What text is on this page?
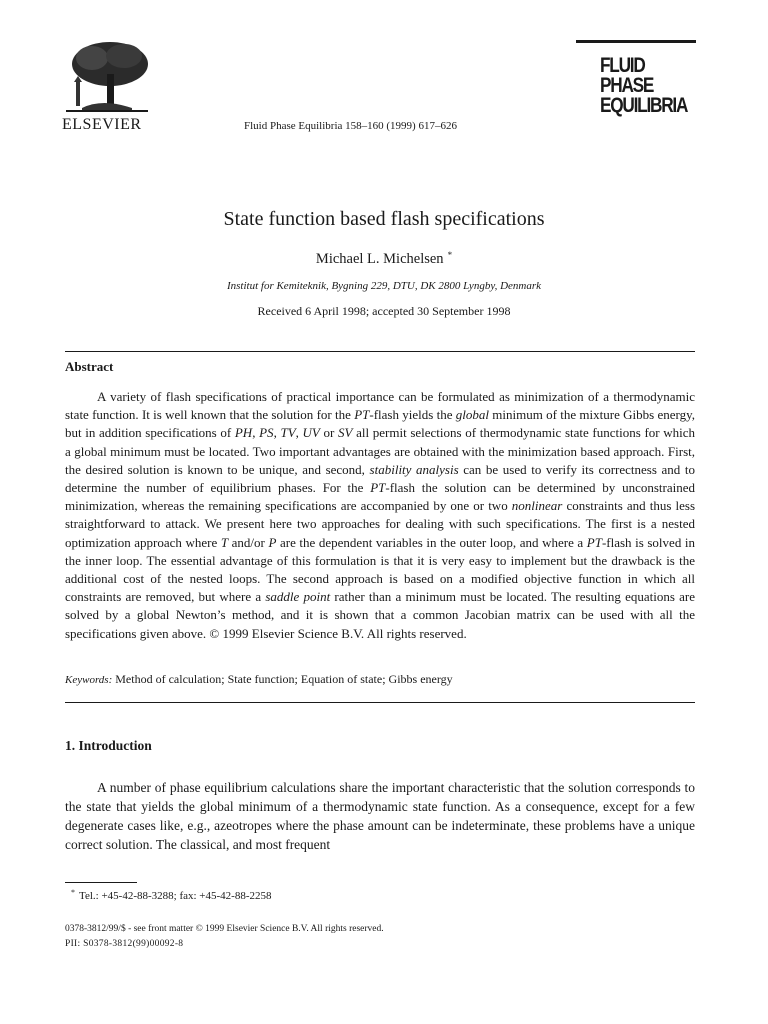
ELSEVIER	Fluid Phase Equilibria 158–160 (1999) 617–626
FLUID PHASE
EQUILIBRIA
State function based flash specifications
Michael L. Michelsen *
Institut for Kemiteknik, Bygning 229, DTU, DK 2800 Lyngby, Denmark
Received 6 April 1998; accepted 30 September 1998
Abstract

A variety of flash specifications of practical importance can be formulated as minimization of a thermodynamic state function. It is well known that the solution for the PT-flash yields the global minimum of the mixture Gibbs energy, but in addition specifications of PH, PS, TV, UV or SV all permit selections of thermodynamic state functions for which a global minimum must be located. Two important advantages are obtained with the minimization based approach. First, the desired solution is known to be unique, and second, stability analysis can be used to verify its correctness and to determine the number of equilibrium phases. For the PT-flash the solution can be determined by unconstrained minimization, whereas the remaining specifications are accompanied by one or two nonlinear constraints and thus less straightforward to attack. We present here two approaches for dealing with such specifications. The first is a nested optimization approach where T and/or P are the dependent variables in the outer loop, and where a PT-flash is solved in the inner loop. The essential advantage of this formulation is that it is very easy to implement but the drawback is the additional cost of the nested loops. The second approach is based on a modified objective function in which all constraints are removed, but where a saddle point rather than a minimum must be located. The resulting equations are solved by a global Newton’s method, and it is shown that a common Jacobian matrix can be used with all the specifications given above. © 1999 Elsevier Science B.V. All rights reserved.

Keywords: Method of calculation; State function; Equation of state; Gibbs energy
1. Introduction

A number of phase equilibrium calculations share the important characteristic that the solution corresponds to the state that yields the global minimum of a thermodynamic state function. As a consequence, except for a few degenerate cases like, e.g., azeotropes where the phase amount can be indeterminate, these problems have a unique correct solution. The classical, and most frequent

* Tel.: +45-42-88-3288; fax: +45-42-88-2258
0378-3812/99/$ - see front matter © 1999 Elsevier Science B.V. All rights reserved.
PII: S0378-3812(99)00092-8
